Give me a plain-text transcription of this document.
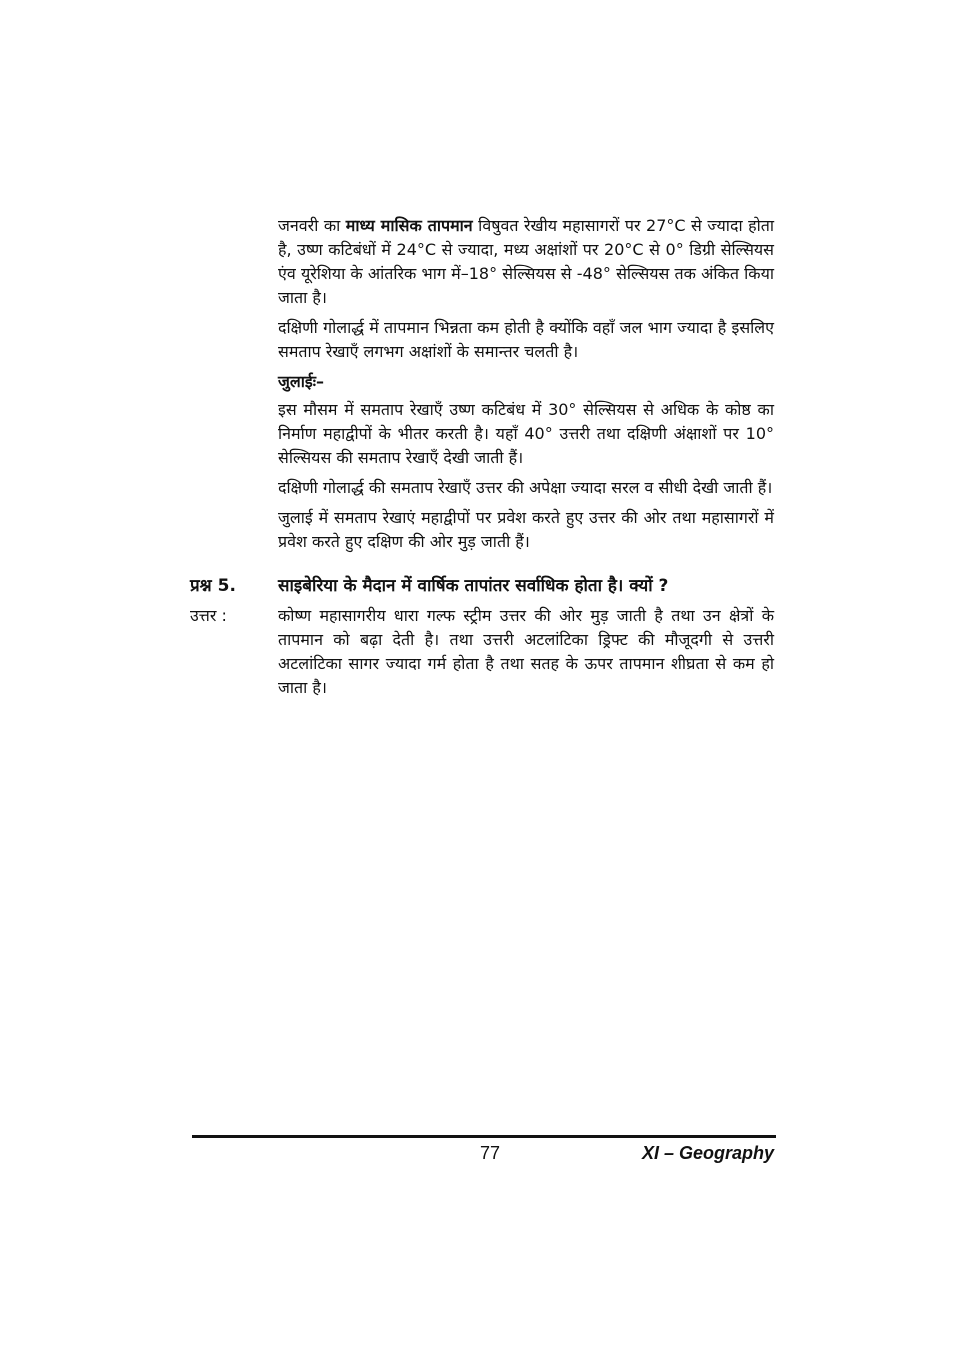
जनवरी का माध्य मासिक तापमान विषुवत रेखीय महासागरों पर 27°C से ज्यादा होता है, उष्ण कटिबंधों में 24°C से ज्यादा, मध्य अक्षांशों पर 20°C से 0° डिग्री सेल्सियस एंव यूरेशिया के आंतरिक भाग में–18° सेल्सियस से -48° सेल्सियस तक अंकित किया जाता है।

दक्षिणी गोलार्द्ध में तापमान भिन्नता कम होती है क्योंकि वहाँ जल भाग ज्यादा है इसलिए समताप रेखाएँ लगभग अक्षांशों के समान्तर चलती है।

जुलाईः–

इस मौसम में समताप रेखाएँ उष्ण कटिबंध में 30° सेल्सियस से अधिक के कोष्ठ का निर्माण महाद्वीपों के भीतर करती है। यहाँ 40° उत्तरी तथा दक्षिणी अंक्षाशों पर 10° सेल्सियस की समताप रेखाएँ देखी जाती हैं।

दक्षिणी गोलार्द्ध की समताप रेखाएँ उत्तर की अपेक्षा ज्यादा सरल व सीधी देखी जाती हैं।

जुलाई में समताप रेखाएं महाद्वीपों पर प्रवेश करते हुए उत्तर की ओर तथा महासागरों में प्रवेश करते हुए दक्षिण की ओर मुड़ जाती हैं।

प्रश्न 5.	साइबेरिया के मैदान में वार्षिक तापांतर सर्वाधिक होता है। क्यों ?
उत्तर :	कोष्ण महासागरीय धारा गल्फ स्ट्रीम उत्तर की ओर मुड़ जाती है तथा उन क्षेत्रों के तापमान को बढ़ा देती है। तथा उत्तरी अटलांटिका ड्रिफ्ट की मौजूदगी से उत्तरी अटलांटिका सागर ज्यादा गर्म होता है तथा सतह के ऊपर तापमान शीघ्रता से कम हो जाता है।
77	XI – Geography
